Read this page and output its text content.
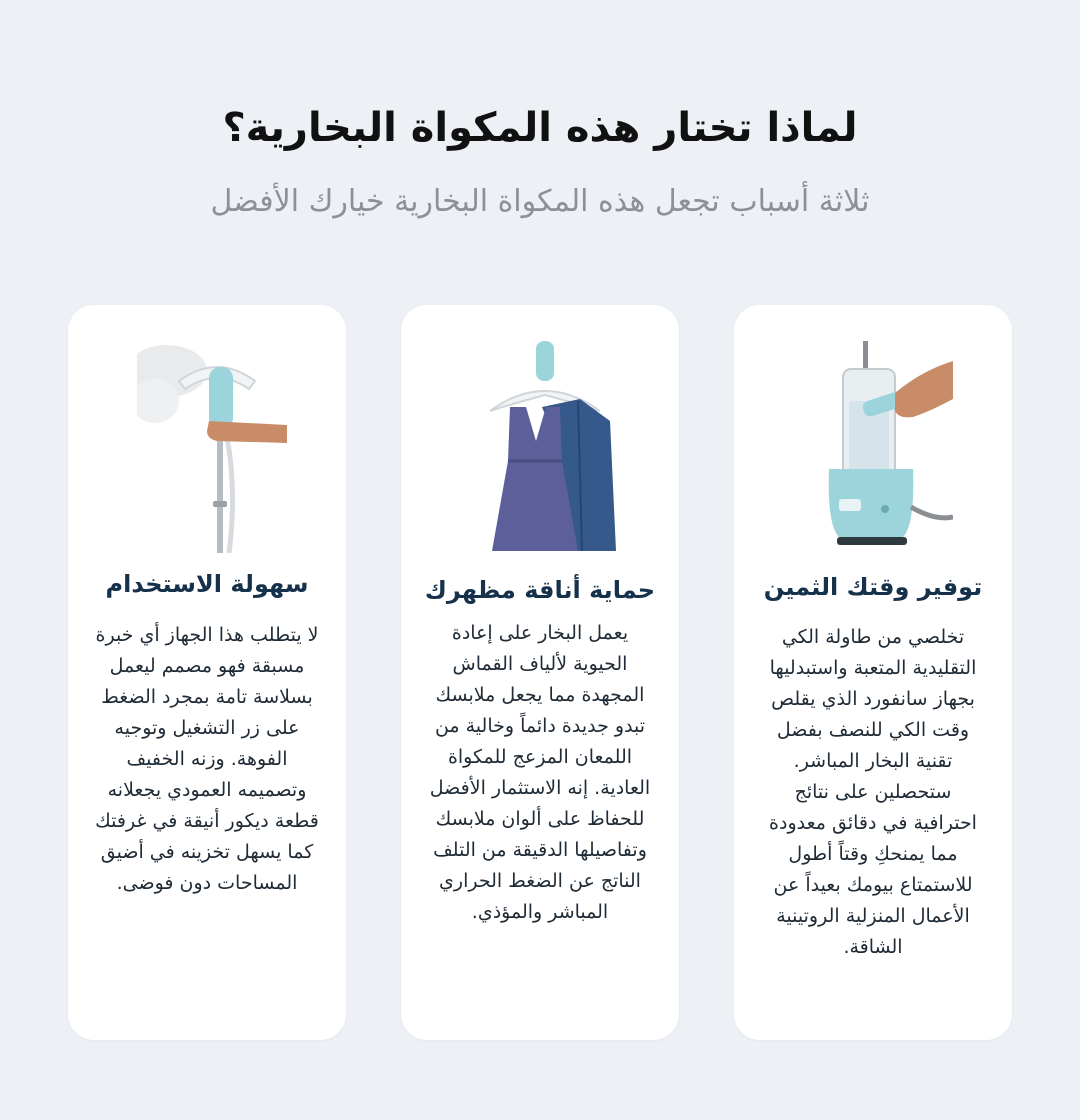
لماذا تختار هذه المكواة البخارية؟
ثلاثة أسباب تجعل هذه المكواة البخارية خيارك الأفضل
توفير وقتك الثمين
تخلصي من طاولة الكي التقليدية المتعبة واستبدليها بجهاز سانفورد الذي يقلص وقت الكي للنصف بفضل تقنية البخار المباشر. ستحصلين على نتائج احترافية في دقائق معدودة مما يمنحكِ وقتاً أطول للاستمتاع بيومك بعيداً عن الأعمال المنزلية الروتينية الشاقة.
حماية أناقة مظهرك
يعمل البخار على إعادة الحيوية لألياف القماش المجهدة مما يجعل ملابسك تبدو جديدة دائماً وخالية من اللمعان المزعج للمكواة العادية. إنه الاستثمار الأفضل للحفاظ على ألوان ملابسك وتفاصيلها الدقيقة من التلف الناتج عن الضغط الحراري المباشر والمؤذي.
سهولة الاستخدام
لا يتطلب هذا الجهاز أي خبرة مسبقة فهو مصمم ليعمل بسلاسة تامة بمجرد الضغط على زر التشغيل وتوجيه الفوهة. وزنه الخفيف وتصميمه العمودي يجعلانه قطعة ديكور أنيقة في غرفتك كما يسهل تخزينه في أضيق المساحات دون فوضى.
